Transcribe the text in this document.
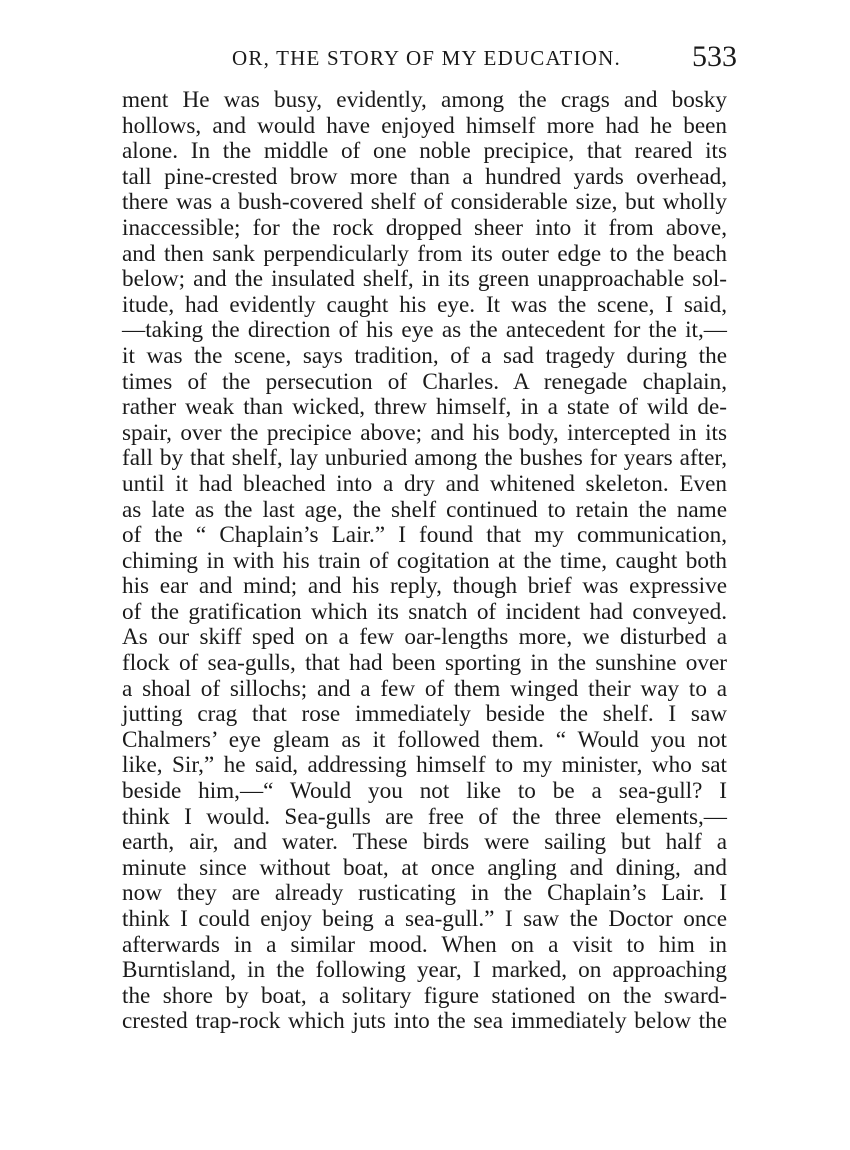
OR, THE STORY OF MY EDUCATION. 533
ment He was busy, evidently, among the crags and bosky
hollows, and would have enjoyed himself more had he been
alone. In the middle of one noble precipice, that reared its
tall pine-crested brow more than a hundred yards overhead,
there was a bush-covered shelf of considerable size, but wholly
inaccessible; for the rock dropped sheer into it from above,
and then sank perpendicularly from its outer edge to the beach
below; and the insulated shelf, in its green unapproachable sol-
itude, had evidently caught his eye. It was the scene, I said,
—taking the direction of his eye as the antecedent for the it,—
it was the scene, says tradition, of a sad tragedy during the
times of the persecution of Charles. A renegade chaplain,
rather weak than wicked, threw himself, in a state of wild de-
spair, over the precipice above; and his body, intercepted in its
fall by that shelf, lay unburied among the bushes for years after,
until it had bleached into a dry and whitened skeleton. Even
as late as the last age, the shelf continued to retain the name
of the “ Chaplain’s Lair.” I found that my communication,
chiming in with his train of cogitation at the time, caught both
his ear and mind; and his reply, though brief was expressive
of the gratification which its snatch of incident had conveyed.
As our skiff sped on a few oar-lengths more, we disturbed a
flock of sea-gulls, that had been sporting in the sunshine over
a shoal of sillochs; and a few of them winged their way to a
jutting crag that rose immediately beside the shelf. I saw
Chalmers’ eye gleam as it followed them. “ Would you not
like, Sir,” he said, addressing himself to my minister, who sat
beside him,—“ Would you not like to be a sea-gull? I
think I would. Sea-gulls are free of the three elements,—
earth, air, and water. These birds were sailing but half a
minute since without boat, at once angling and dining, and
now they are already rusticating in the Chaplain’s Lair. I
think I could enjoy being a sea-gull.” I saw the Doctor once
afterwards in a similar mood. When on a visit to him in
Burntisland, in the following year, I marked, on approaching
the shore by boat, a solitary figure stationed on the sward-
crested trap-rock which juts into the sea immediately below the
